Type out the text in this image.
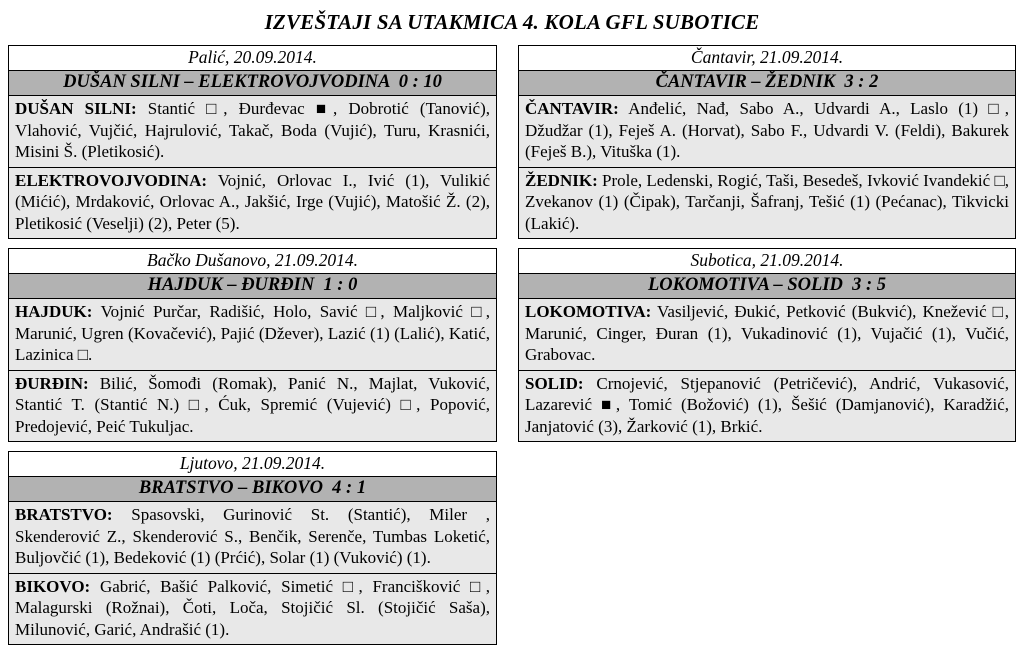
IZVEŠTAJI SA UTAKMICA 4. KOLA GFL SUBOTICE
Palić, 20.09.2014.
DUŠAN SILNI – ELEKTROVOJVODINA  0 : 10

DUŠAN SILNI: Stantić □, Đurđevac ■, Dobrotić (Tanović), Vlahović, Vujčić, Hajrulović, Takač, Boda (Vujić), Turu, Krasnići, Misini Š. (Pletikosić).

ELEKTROVOJVODINA: Vojnić, Orlovac I., Ivić (1), Vulikić (Mićić), Mrdaković, Orlovac A., Jakšić, Irge (Vujić), Matošić Ž. (2), Pletikosić (Veselji) (2), Peter (5).

Bačko Dušanovo, 21.09.2014.
HAJDUK – ĐURĐIN  1 : 0

HAJDUK: Vojnić Purčar, Radišić, Holo, Savić □, Maljković □, Marunić, Ugren (Kovačević), Pajić (Džever), Lazić (1) (Lalić), Katić, Lazinica □.

ĐURĐIN: Bilić, Šomođi (Romak), Panić N., Majlat, Vuković, Stantić T. (Stantić N.) □, Ćuk, Spremić (Vujević) □, Popović, Predojević, Peić Tukuljac.

Ljutovo, 21.09.2014.
BRATSTVO – BIKOVO  4 : 1

BRATSTVO: Spasovski, Gurinović St. (Stantić), Miler , Skenderović Z., Skenderović S., Benčik, Serenče, Tumbas Loketić, Buljovčić (1), Bedeković (1) (Prćić), Solar (1) (Vuković) (1).

BIKOVO: Gabrić, Bašić Palković, Simetić □, Francišković □, Malagurski (Rožnai), Čoti, Loča, Stojičić Sl. (Stojičić Saša), Milunović, Garić, Andrašić (1).

Čantavir, 21.09.2014.
ČANTAVIR – ŽEDNIK  3 : 2

ČANTAVIR: Anđelić, Nađ, Sabo A., Udvardi A., Laslo (1) □, Džudžar (1), Feješ A. (Horvat), Sabo F., Udvardi V. (Feldi), Bakurek (Feješ B.), Vituška (1).

ŽEDNIK: Prole, Ledenski, Rogić, Taši, Besedeš, Ivković Ivandekić □, Zvekanov (1) (Čipak), Tarčanji, Šafranj, Tešić (1) (Pećanac), Tikvicki (Lakić).

Subotica, 21.09.2014.
LOKOMOTIVA – SOLID  3 : 5

LOKOMOTIVA: Vasiljević, Đukić, Petković (Bukvić), Knežević □, Marunić, Cinger, Đuran (1), Vukadinović (1), Vujačić (1), Vučić, Grabovac.

SOLID: Crnojević, Stjepanović (Petričević), Andrić, Vukasović, Lazarević ■, Tomić (Božović) (1), Šešić (Damjanović), Karadžić, Janjatović (3), Žarković (1), Brkić.
